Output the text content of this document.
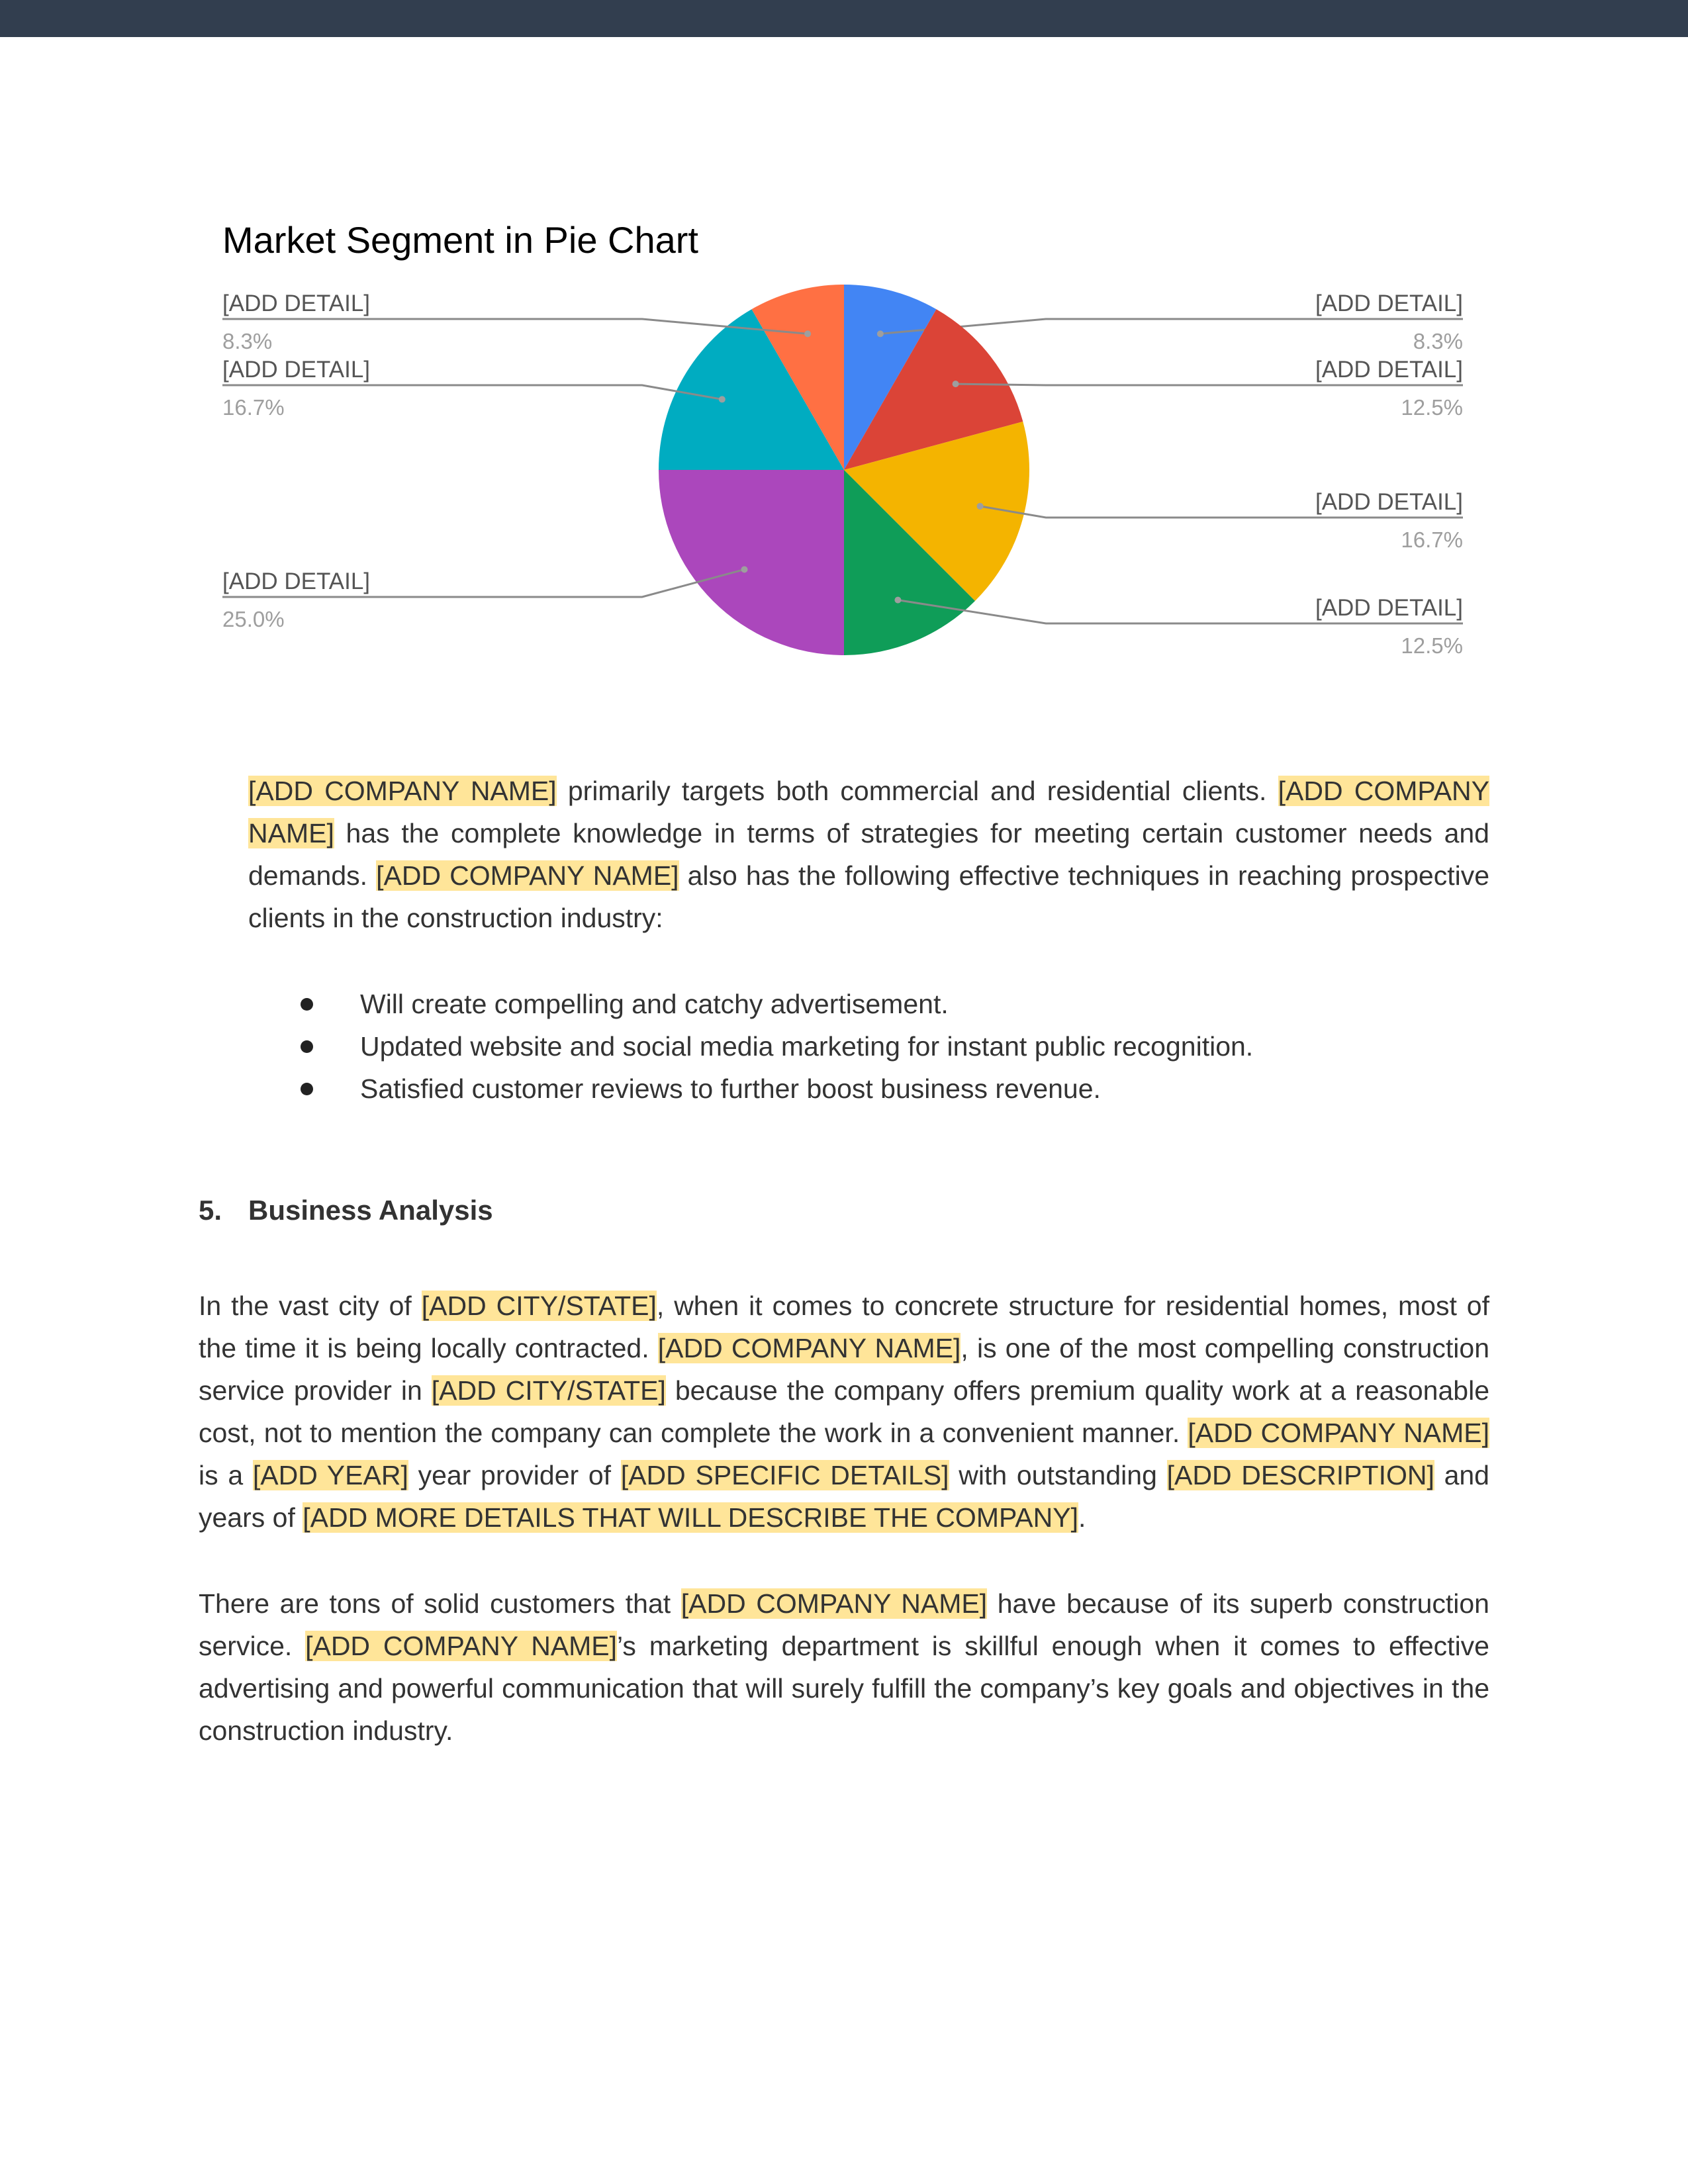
Market Segment in Pie Chart
[ADD DETAIL]
8.3%
[ADD DETAIL]
12.5%
[ADD DETAIL]
16.7%
[ADD DETAIL]
12.5%
[ADD DETAIL]
25.0%
[ADD DETAIL]
16.7%
[ADD DETAIL]
8.3%

[ADD COMPANY NAME] primarily targets both commercial and residential clients. [ADD COMPANY NAME] has the complete knowledge in terms of strategies for meeting certain customer needs and demands. [ADD COMPANY NAME] also has the following effective techniques in reaching prospective clients in the construction industry:

Will create compelling and catchy advertisement.
Updated website and social media marketing for instant public recognition.
Satisfied customer reviews to further boost business revenue.
5. Business Analysis

In the vast city of [ADD CITY/STATE], when it comes to concrete structure for residential homes, most of the time it is being locally contracted. [ADD COMPANY NAME], is one of the most compelling construction service provider in [ADD CITY/STATE] because the company offers premium quality work at a reasonable cost, not to mention the company can complete the work in a convenient manner. [ADD COMPANY NAME] is a [ADD YEAR] year provider of [ADD SPECIFIC DETAILS] with outstanding [ADD DESCRIPTION] and years of [ADD MORE DETAILS THAT WILL DESCRIBE THE COMPANY].

There are tons of solid customers that [ADD COMPANY NAME] have because of its superb construction service. [ADD COMPANY NAME]’s marketing department is skillful enough when it comes to effective advertising and powerful communication that will surely fulfill the company’s key goals and objectives in the construction industry.
